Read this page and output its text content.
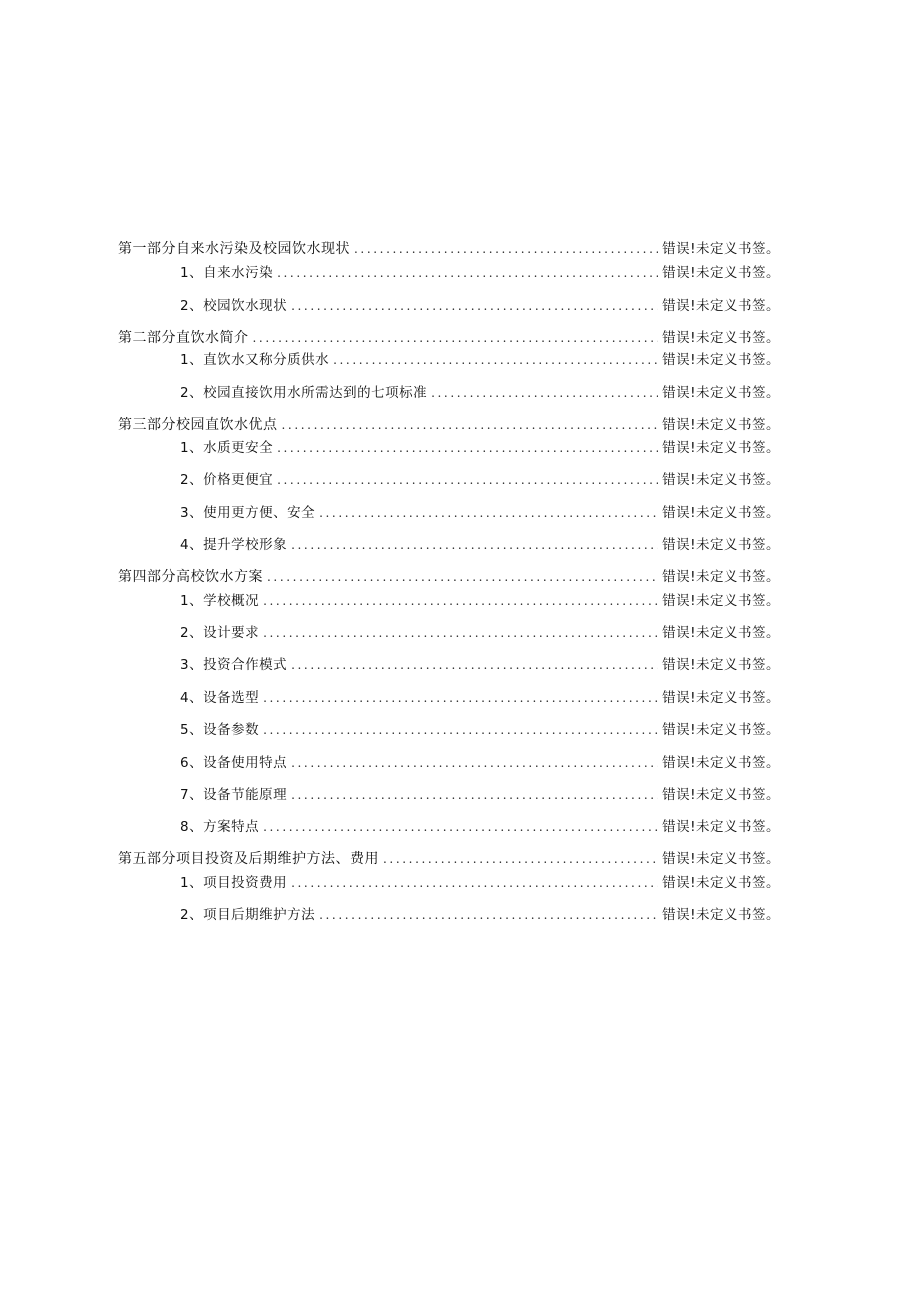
第一部分自来水污染及校园饮水现状 .....	错误!未定义书签。
1、自来水污染 .....	错误!未定义书签。
2、校园饮水现状 .....	错误!未定义书签。
第二部分直饮水简介 .....	错误!未定义书签。
1、直饮水又称分质供水 .....	错误!未定义书签。
2、校园直接饮用水所需达到的七项标准 .....	错误!未定义书签。
第三部分校园直饮水优点 .....	错误!未定义书签。
1、水质更安全 .....	错误!未定义书签。
2、价格更便宜 .....	错误!未定义书签。
3、使用更方便、安全 .....	错误!未定义书签。
4、提升学校形象 .....	错误!未定义书签。
第四部分高校饮水方案 .....	错误!未定义书签。
1、学校概况 .....	错误!未定义书签。
2、设计要求 .....	错误!未定义书签。
3、投资合作模式 .....	错误!未定义书签。
4、设备选型 .....	错误!未定义书签。
5、设备参数 .....	错误!未定义书签。
6、设备使用特点 .....	错误!未定义书签。
7、设备节能原理 .....	错误!未定义书签。
8、方案特点 .....	错误!未定义书签。
第五部分项目投资及后期维护方法、费用 .....	错误!未定义书签。
1、项目投资费用 .....	错误!未定义书签。
2、项目后期维护方法 .....	错误!未定义书签。
